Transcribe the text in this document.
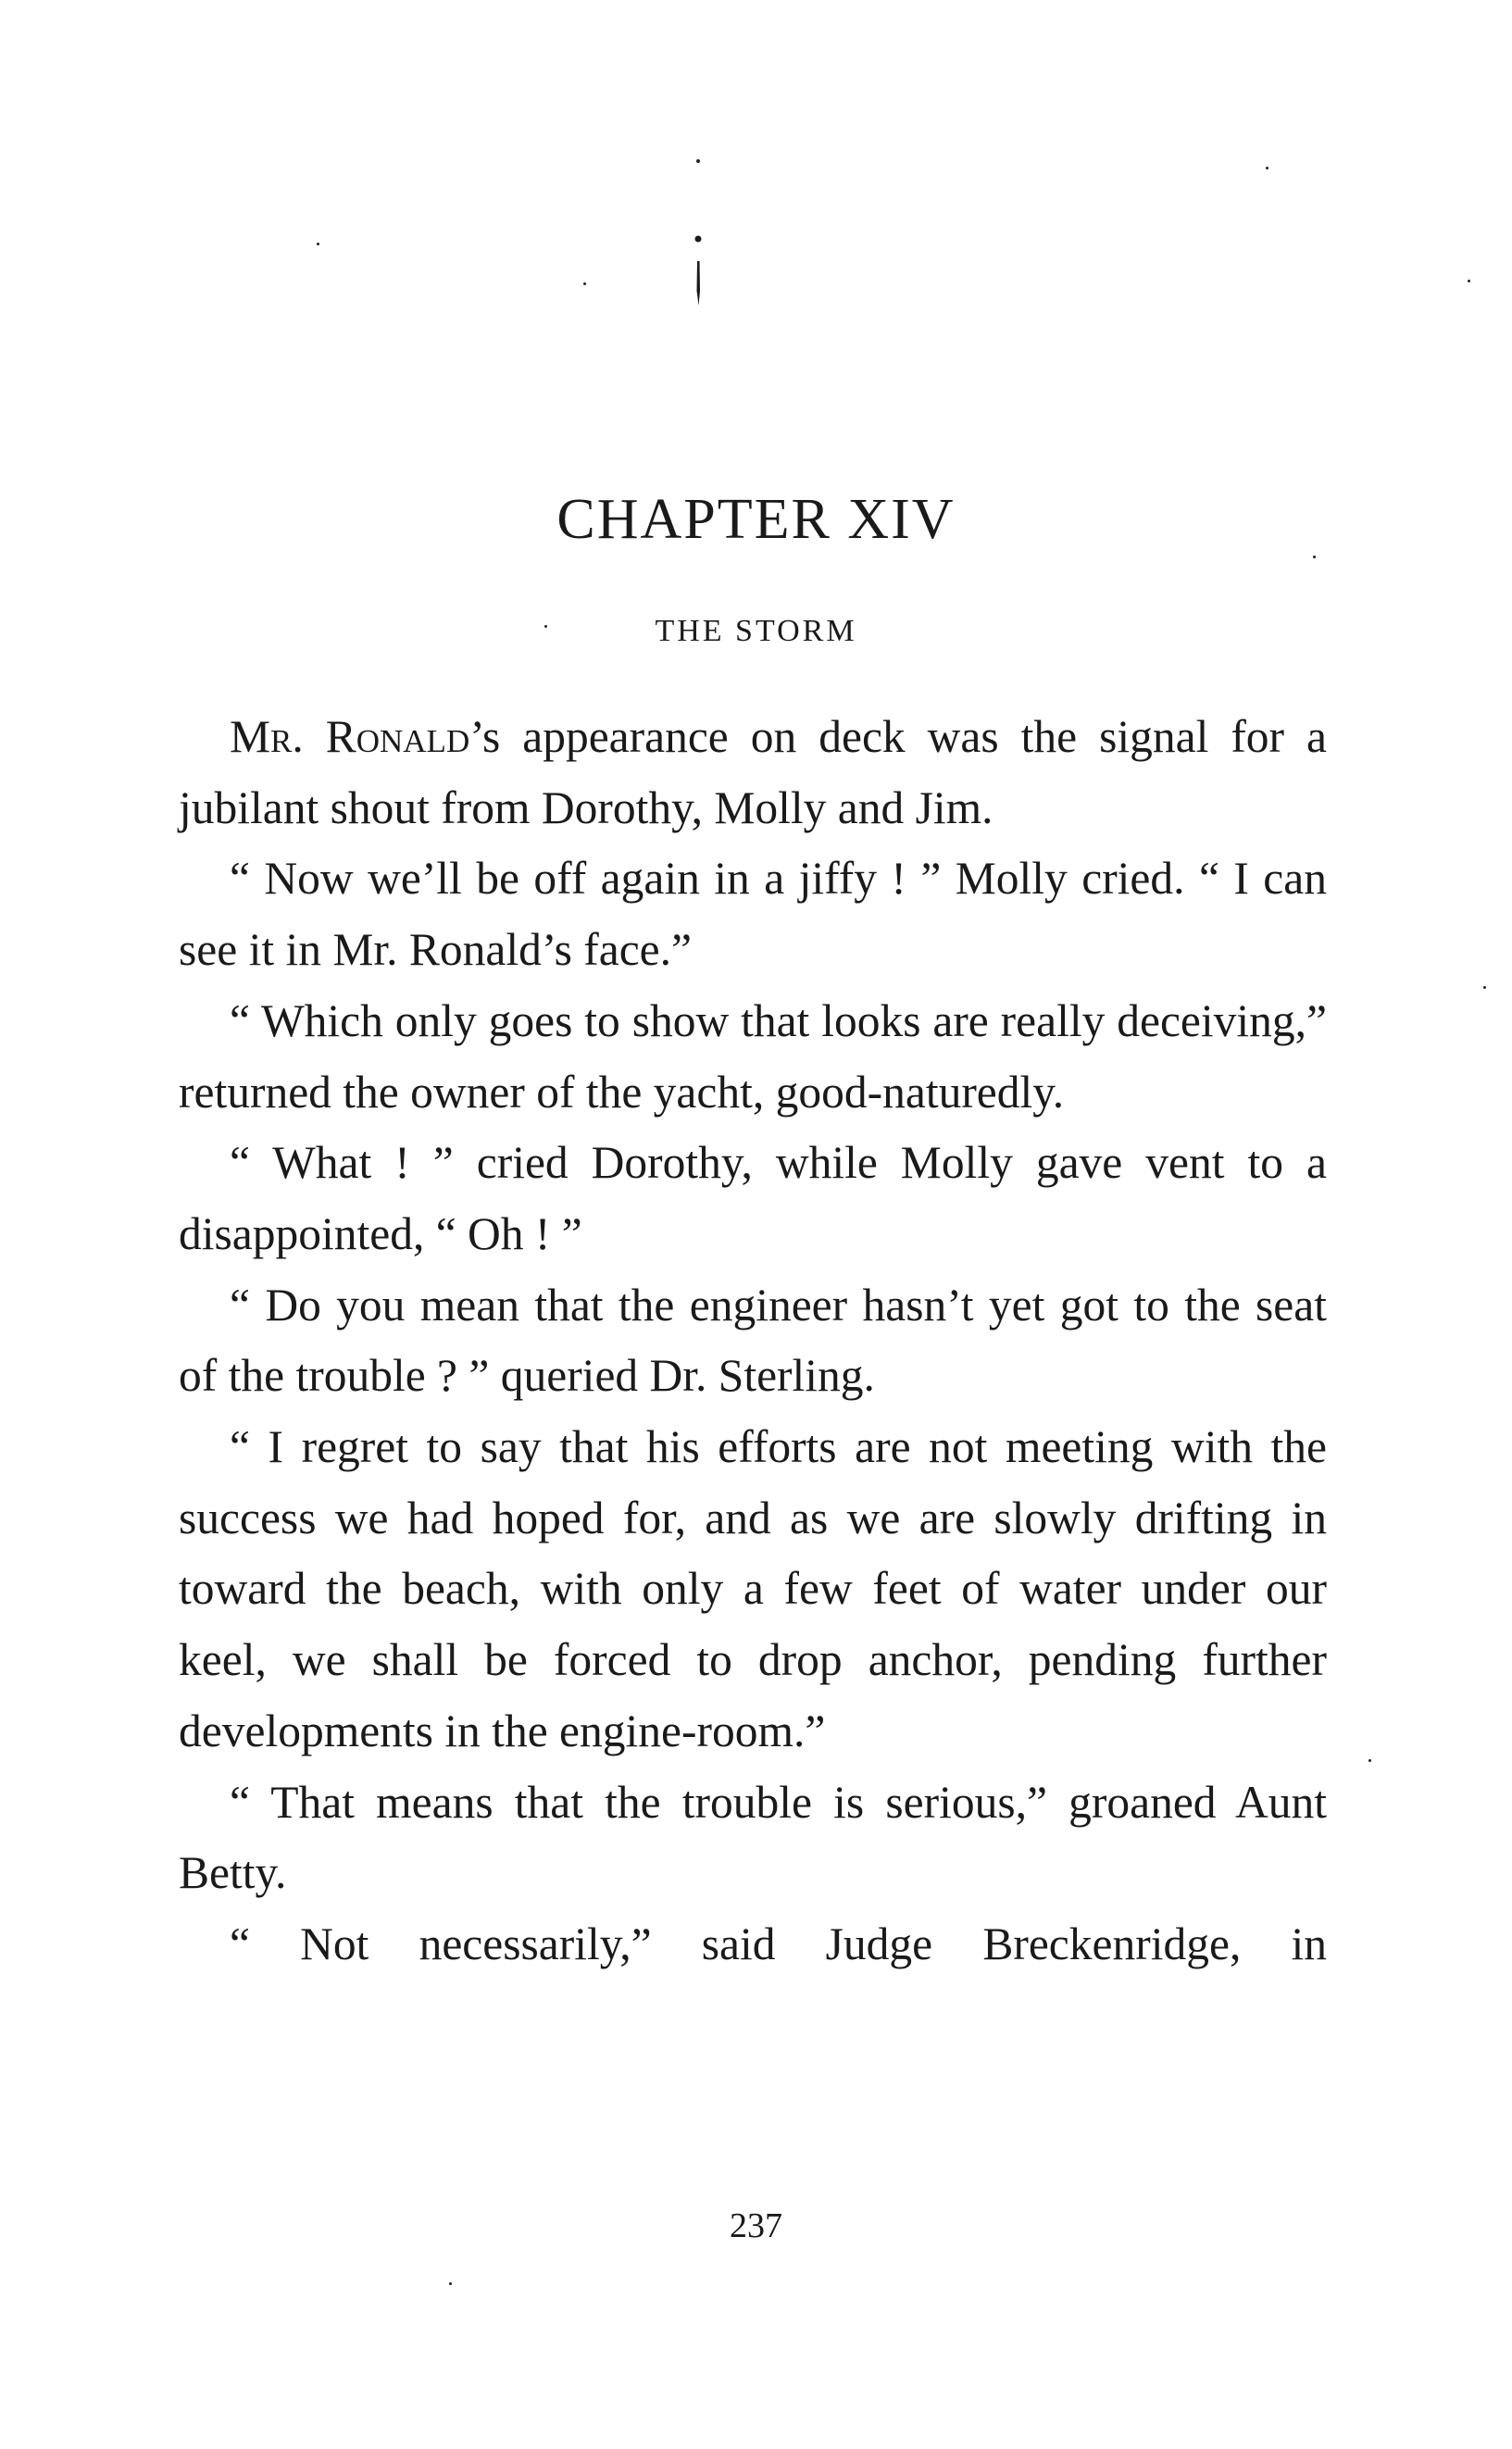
CHAPTER XIV
THE STORM

Mr. Ronald’s appearance on deck was the signal for a jubilant shout from Dorothy, Molly and Jim.

“ Now we’ll be off again in a jiffy ! ” Molly cried. “ I can see it in Mr. Ronald’s face.”

“ Which only goes to show that looks are really deceiving,” returned the owner of the yacht, good-naturedly.

“ What ! ” cried Dorothy, while Molly gave vent to a disappointed, “ Oh ! ”

“ Do you mean that the engineer hasn’t yet got to the seat of the trouble ? ” queried Dr. Sterling.

“ I regret to say that his efforts are not meeting with the success we had hoped for, and as we are slowly drifting in toward the beach, with only a few feet of water under our keel, we shall be forced to drop anchor, pending further developments in the engine-room.”

“ That means that the trouble is serious,” groaned Aunt Betty.

“ Not necessarily,” said Judge Breckenridge, in

237
